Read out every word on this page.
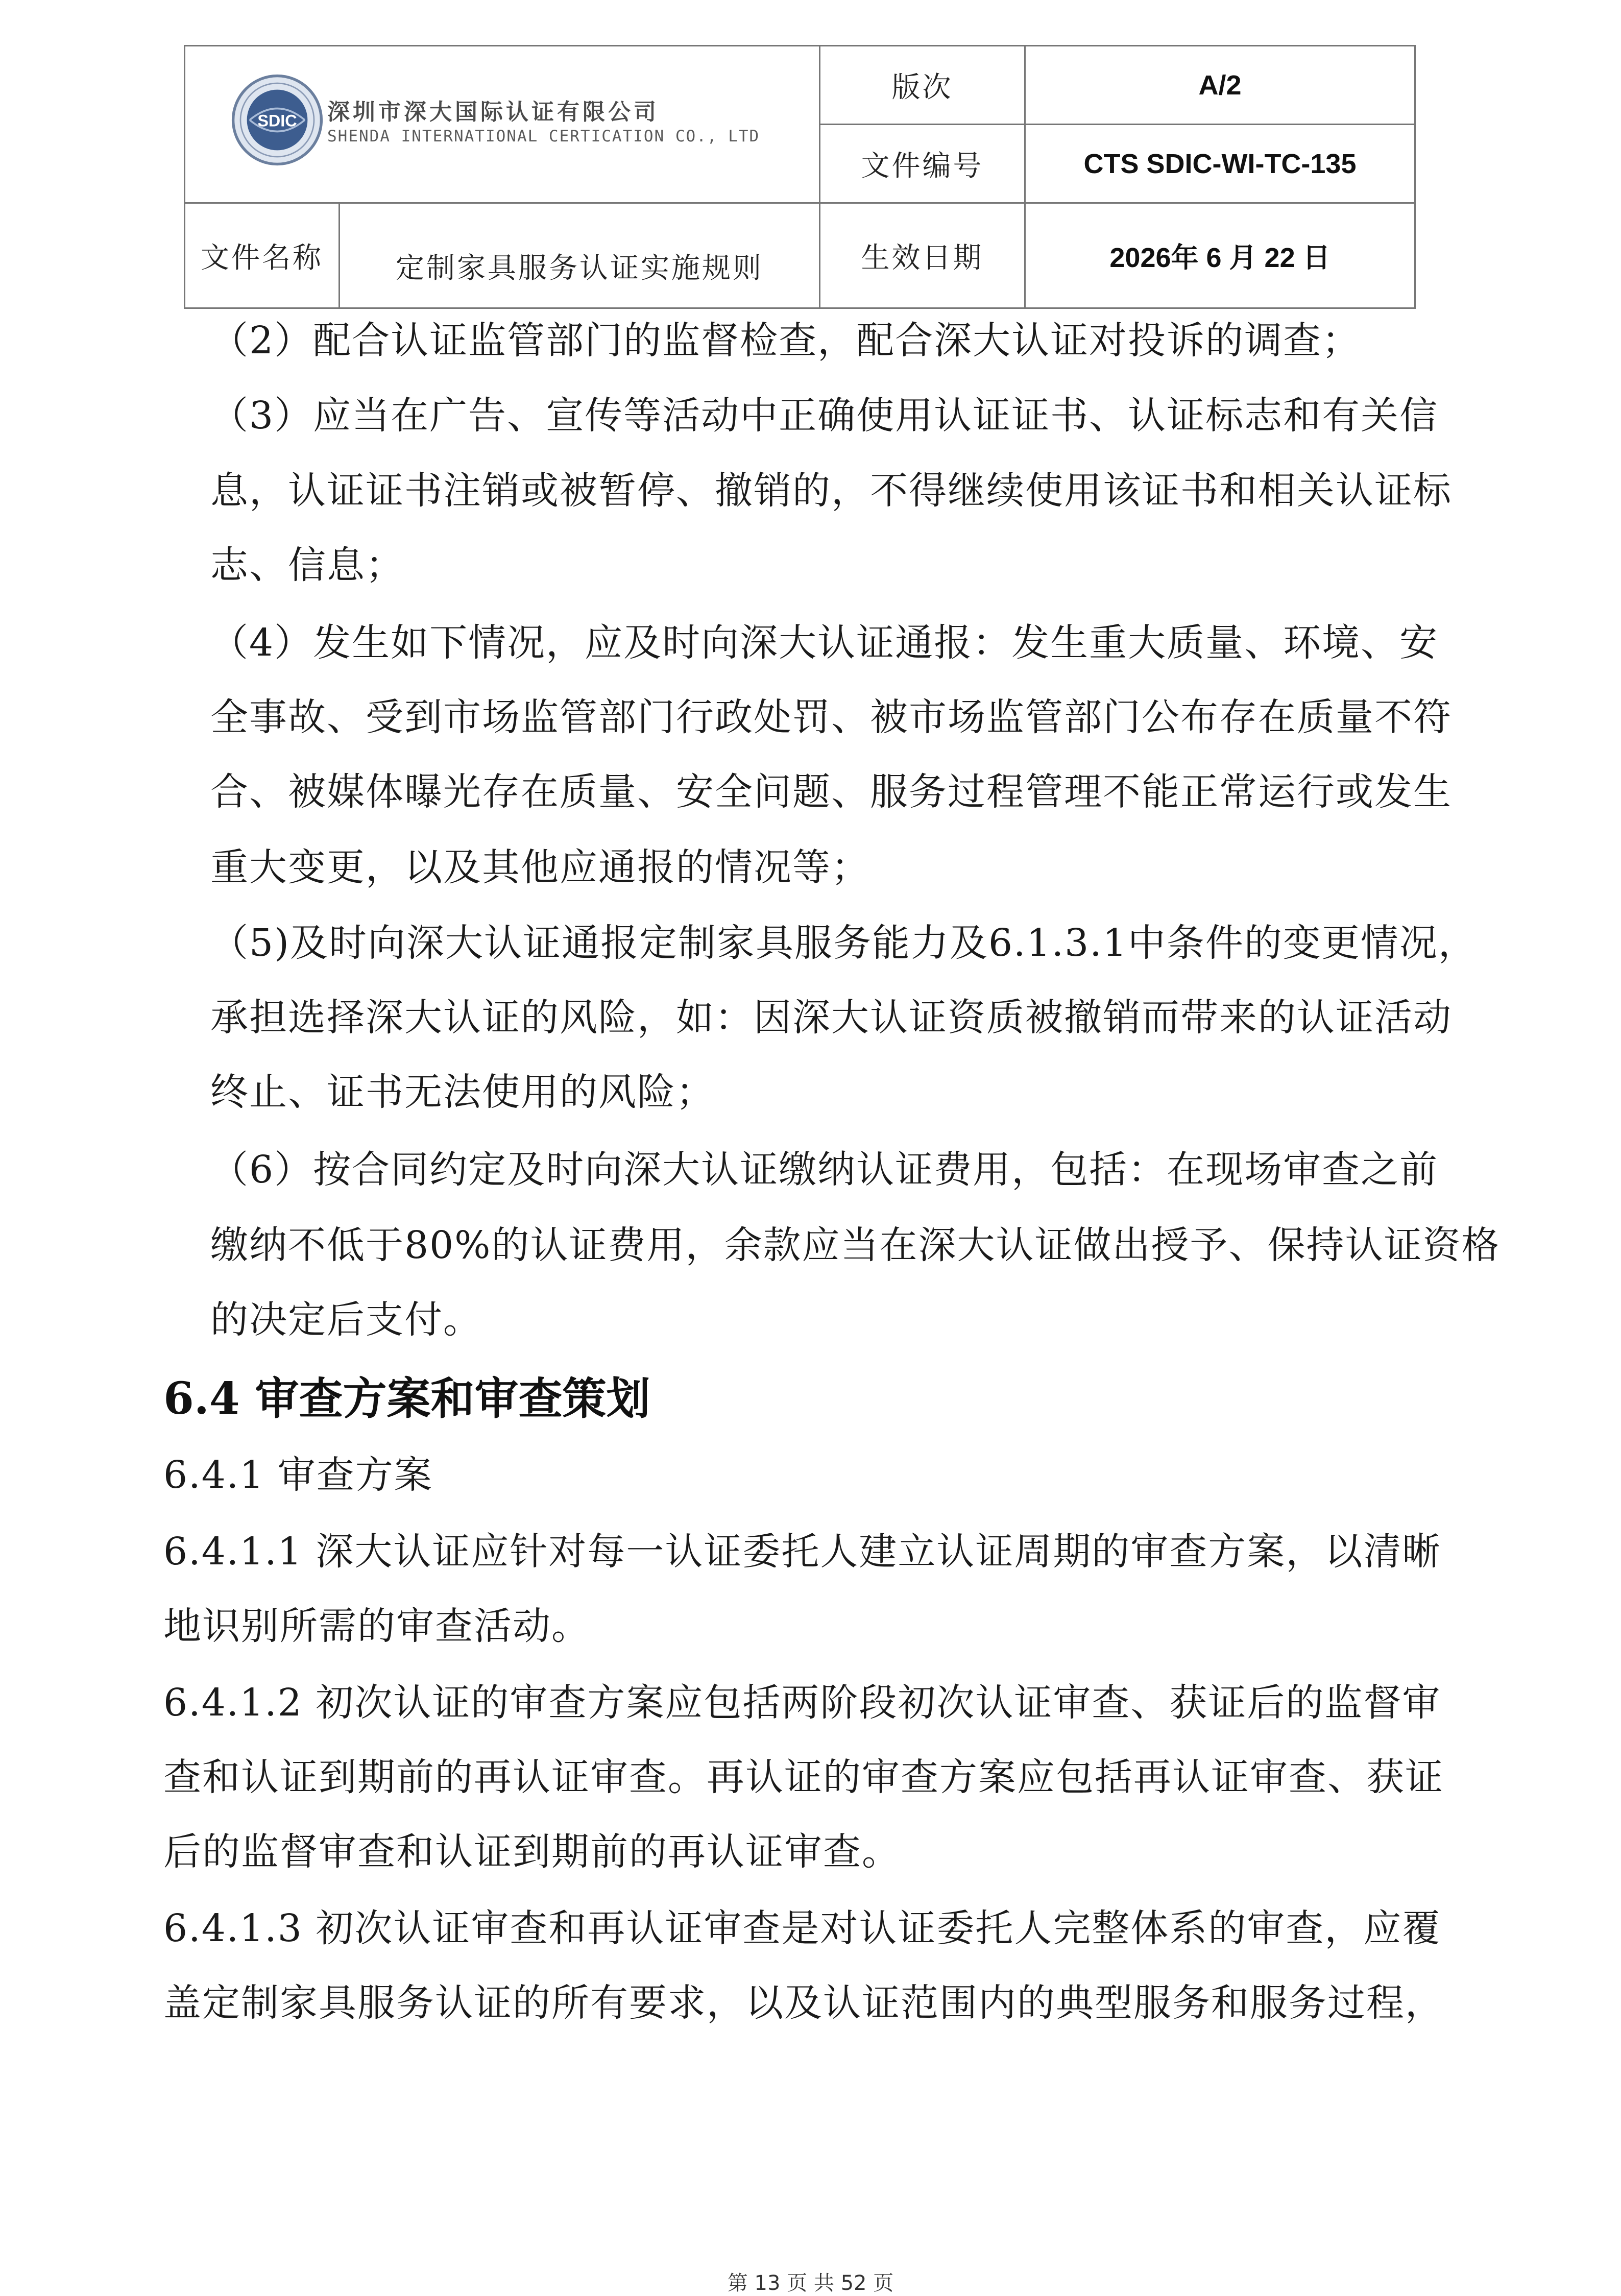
SDIC 深圳市深大国际认证有限公司
SHENDA INTERNATIONAL CERTICATION CO., LTD	版次	A/2
	文件编号	CTS SDIC-WI-TC-135

文件名称 定制家具服务认证实施规则	生效日期	2026年 6 月 22 日
（2）配合认证监管部门的监督检查，配合深大认证对投诉的调查；
（3）应当在广告、宣传等活动中正确使用认证证书、认证标志和有关信
息，认证证书注销或被暂停、撤销的，不得继续使用该证书和相关认证标
志、信息；
（4）发生如下情况，应及时向深大认证通报：发生重大质量、环境、安
全事故、受到市场监管部门行政处罚、被市场监管部门公布存在质量不符
合、被媒体曝光存在质量、安全问题、服务过程管理不能正常运行或发生
重大变更，以及其他应通报的情况等；
（5)及时向深大认证通报定制家具服务能力及6.1.3.1中条件的变更情况，
承担选择深大认证的风险，如：因深大认证资质被撤销而带来的认证活动
终止、证书无法使用的风险；
（6）按合同约定及时向深大认证缴纳认证费用，包括：在现场审查之前
缴纳不低于80%的认证费用，余款应当在深大认证做出授予、保持认证资格
的决定后支付。
6.4 审查方案和审查策划
6.4.1 审查方案
6.4.1.1 深大认证应针对每一认证委托人建立认证周期的审查方案，以清晰
地识别所需的审查活动。
6.4.1.2 初次认证的审查方案应包括两阶段初次认证审查、获证后的监督审
查和认证到期前的再认证审查。再认证的审查方案应包括再认证审查、获证
后的监督审查和认证到期前的再认证审查。
6.4.1.3 初次认证审查和再认证审查是对认证委托人完整体系的审查，应覆
盖定制家具服务认证的所有要求，以及认证范围内的典型服务和服务过程，
第 13 页 共 52 页
